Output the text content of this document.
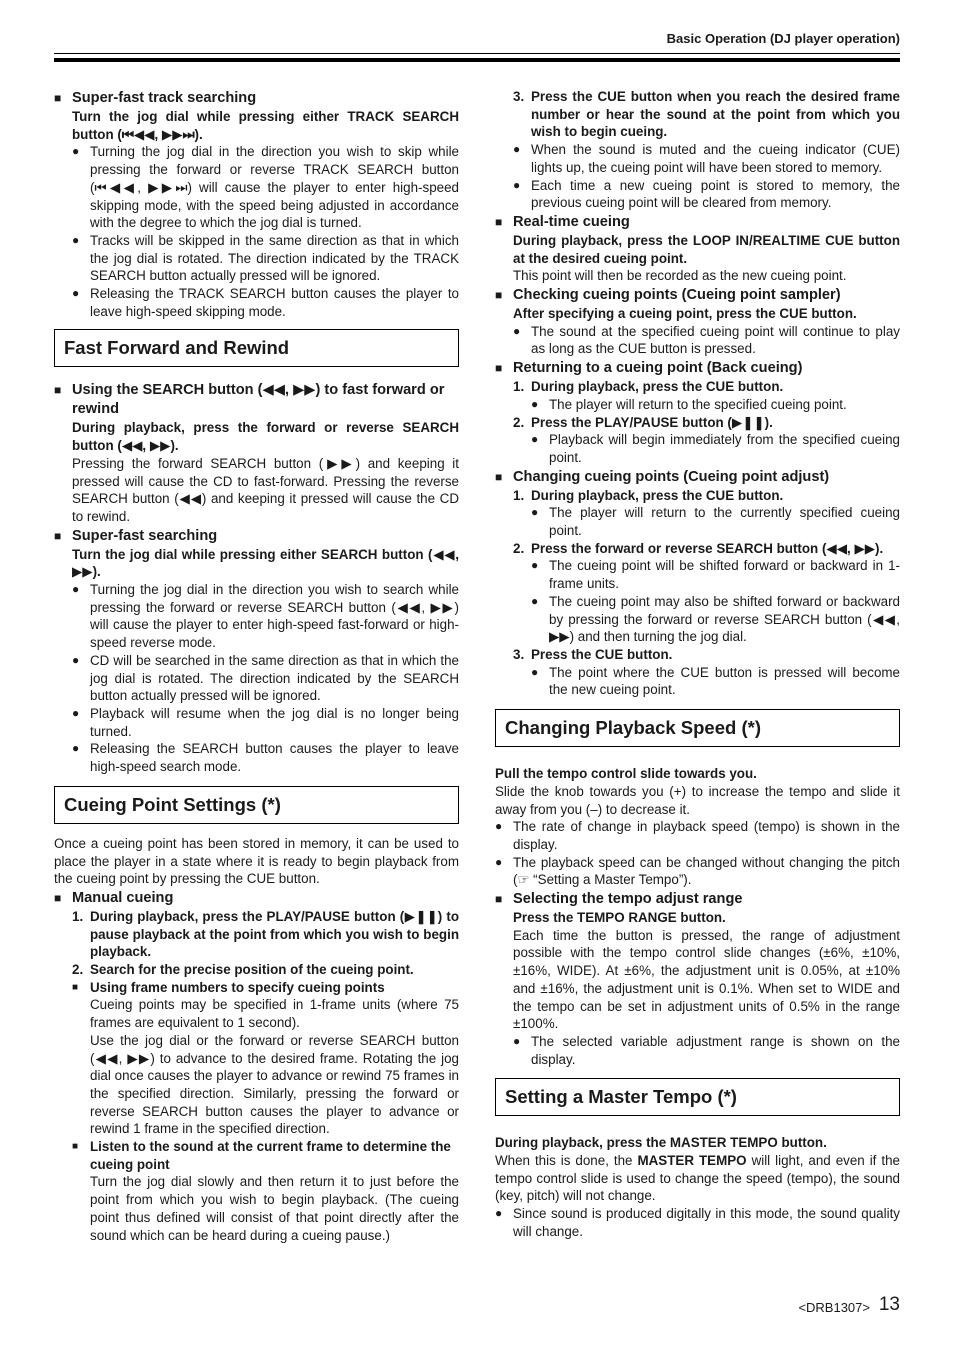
Basic Operation (DJ player operation)
■ Super-fast track searching

Turn the jog dial while pressing either TRACK SEARCH button (⏮◀◀, ▶▶⏭).

● Turning the jog dial in the direction you wish to skip while pressing the forward or reverse TRACK SEARCH button (⏮◀◀, ▶▶⏭) will cause the player to enter high-speed skipping mode, with the speed being adjusted in accordance with the degree to which the jog dial is turned.
● Tracks will be skipped in the same direction as that in which the jog dial is rotated. The direction indicated by the TRACK SEARCH button actually pressed will be ignored.
● Releasing the TRACK SEARCH button causes the player to leave high-speed skipping mode.
Fast Forward and Rewind
■ Using the SEARCH button (◀◀, ▶▶) to fast forward or rewind

During playback, press the forward or reverse SEARCH button (◀◀, ▶▶).

Pressing the forward SEARCH button (▶▶) and keeping it pressed will cause the CD to fast-forward. Pressing the reverse SEARCH button (◀◀) and keeping it pressed will cause the CD to rewind.

■ Super-fast searching

Turn the jog dial while pressing either SEARCH button (◀◀, ▶▶).

● Turning the jog dial in the direction you wish to search while pressing the forward or reverse SEARCH button (◀◀, ▶▶) will cause the player to enter high-speed fast-forward or high-speed reverse mode.
● CD will be searched in the same direction as that in which the jog dial is rotated. The direction indicated by the SEARCH button actually pressed will be ignored.
● Playback will resume when the jog dial is no longer being turned.
● Releasing the SEARCH button causes the player to leave high-speed search mode.
Cueing Point Settings (*)

Once a cueing point has been stored in memory, it can be used to place the player in a state where it is ready to begin playback from the cueing point by pressing the CUE button.

■ Manual cueing
1. During playback, press the PLAY/PAUSE button (▶❚❚) to pause playback at the point from which you wish to begin playback.
2. Search for the precise position of the cueing point.
■ Using frame numbers to specify cueing points

Cueing points may be specified in 1-frame units (where 75 frames are equivalent to 1 second).

Use the jog dial or the forward or reverse SEARCH button (◀◀, ▶▶) to advance to the desired frame. Rotating the jog dial once causes the player to advance or rewind 75 frames in the specified direction. Similarly, pressing the forward or reverse SEARCH button causes the player to advance or rewind 1 frame in the specified direction.

■ Listen to the sound at the current frame to determine the cueing point

Turn the jog dial slowly and then return it to just before the point from which you wish to begin playback. (The cueing point thus defined will consist of that point directly after the sound which can be heard during a cueing pause.)

3. Press the CUE button when you reach the desired frame number or hear the sound at the point from which you wish to begin cueing.
● When the sound is muted and the cueing indicator (CUE) lights up, the cueing point will have been stored to memory.
● Each time a new cueing point is stored to memory, the previous cueing point will be cleared from memory.
■ Real-time cueing

During playback, press the LOOP IN/REALTIME CUE button at the desired cueing point.

This point will then be recorded as the new cueing point.

■ Checking cueing points (Cueing point sampler)

After specifying a cueing point, press the CUE button.

● The sound at the specified cueing point will continue to play as long as the CUE button is pressed.
■ Returning to a cueing point (Back cueing)
1. During playback, press the CUE button.
● The player will return to the specified cueing point.
2. Press the PLAY/PAUSE button (▶❚❚).
● Playback will begin immediately from the specified cueing point.
■ Changing cueing points (Cueing point adjust)
1. During playback, press the CUE button.
● The player will return to the currently specified cueing point.
2. Press the forward or reverse SEARCH button (◀◀, ▶▶).
● The cueing point will be shifted forward or backward in 1-frame units.
● The cueing point may also be shifted forward or backward by pressing the forward or reverse SEARCH button (◀◀, ▶▶) and then turning the jog dial.
3. Press the CUE button.
● The point where the CUE button is pressed will become the new cueing point.
Changing Playback Speed (*)

Pull the tempo control slide towards you.

Slide the knob towards you (+) to increase the tempo and slide it away from you (–) to decrease it.

● The rate of change in playback speed (tempo) is shown in the display.
● The playback speed can be changed without changing the pitch (☞ “Setting a Master Tempo”).
■ Selecting the tempo adjust range

Press the TEMPO RANGE button.

Each time the button is pressed, the range of adjustment possible with the tempo control slide changes (±6%, ±10%, ±16%, WIDE). At ±6%, the adjustment unit is 0.05%, at ±10% and ±16%, the adjustment unit is 0.1%. When set to WIDE and the tempo can be set in adjustment units of 0.5% in the range ±100%.

● The selected variable adjustment range is shown on the display.
Setting a Master Tempo (*)

During playback, press the MASTER TEMPO button.

When this is done, the MASTER TEMPO will light, and even if the tempo control slide is used to change the speed (tempo), the sound (key, pitch) will not change.

● Since sound is produced digitally in this mode, the sound quality will change.
<DRB1307> 13
